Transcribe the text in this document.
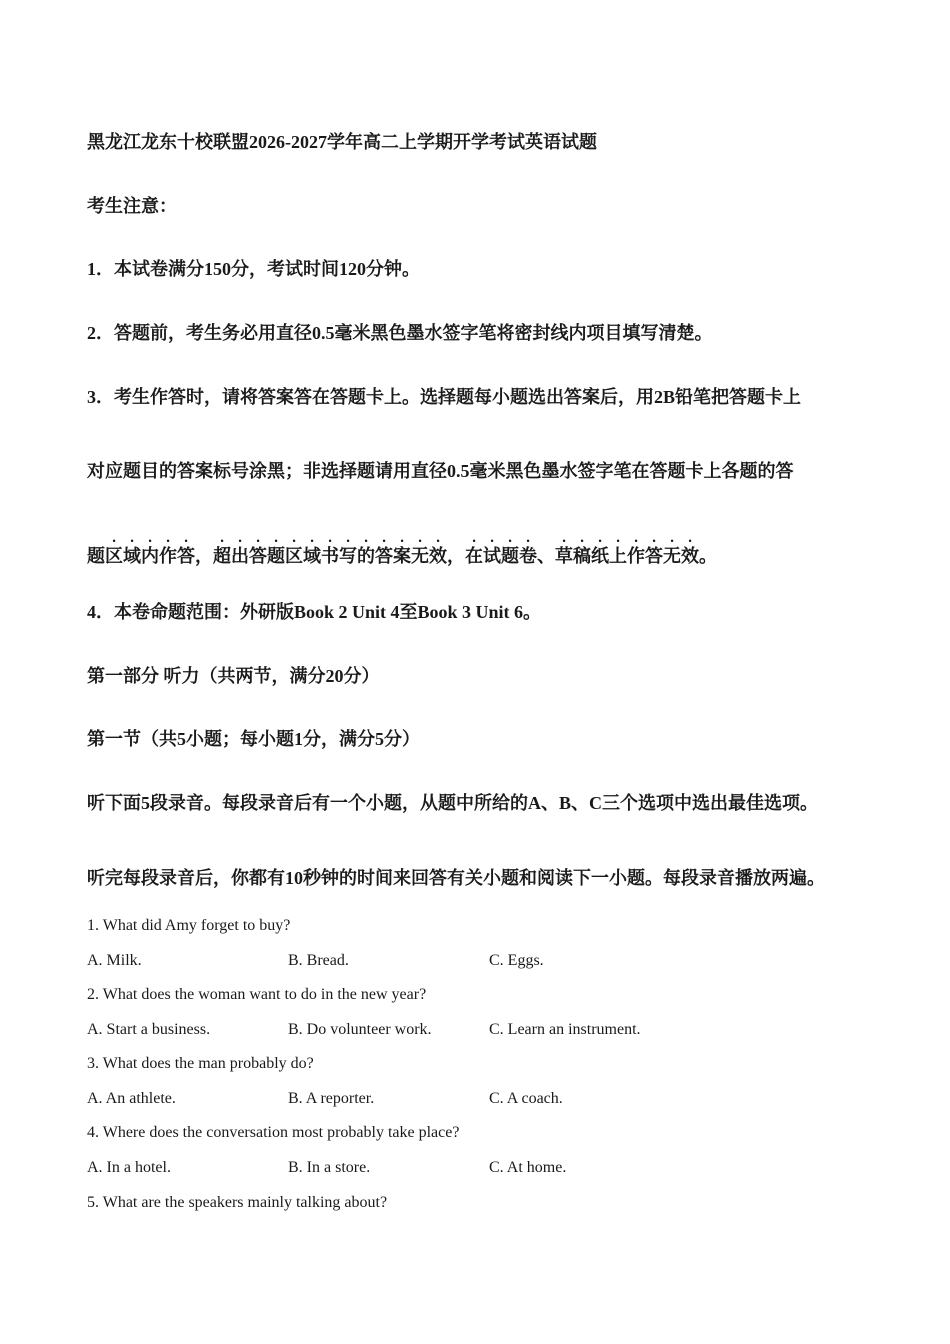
黑龙江龙东十校联盟2026-2027学年高二上学期开学考试英语试题
考生注意：
1．本试卷满分150分，考试时间120分钟。
2．答题前，考生务必用直径0.5毫米黑色墨水签字笔将密封线内项目填写清楚。
3．考生作答时，请将答案答在答题卡上。选择题每小题选出答案后，用2B铅笔把答题卡上
对应题目的答案标号涂黑；非选择题请用直径0.5毫米黑色墨水签字笔在答题卡上各题的答
题区域内作答，超出答题区域书写的答案无效，在试题卷、草稿纸上作答无效。
4．本卷命题范围：外研版Book 2 Unit 4至Book 3 Unit 6。
第一部分 听力（共两节，满分20分）
第一节（共5小题；每小题1分，满分5分）
听下面5段录音。每段录音后有一个小题，从题中所给的A、B、C三个选项中选出最佳选项。
听完每段录音后，你都有10秒钟的时间来回答有关小题和阅读下一小题。每段录音播放两遍。
1. What did Amy forget to buy?
A. Milk.	B. Bread.	C. Eggs.
2. What does the woman want to do in the new year?
A. Start a business.	B. Do volunteer work.	C. Learn an instrument.
3. What does the man probably do?
A. An athlete.	B. A reporter.	C. A coach.
4. Where does the conversation most probably take place?
A. In a hotel.	B. In a store.	C. At home.
5. What are the speakers mainly talking about?
